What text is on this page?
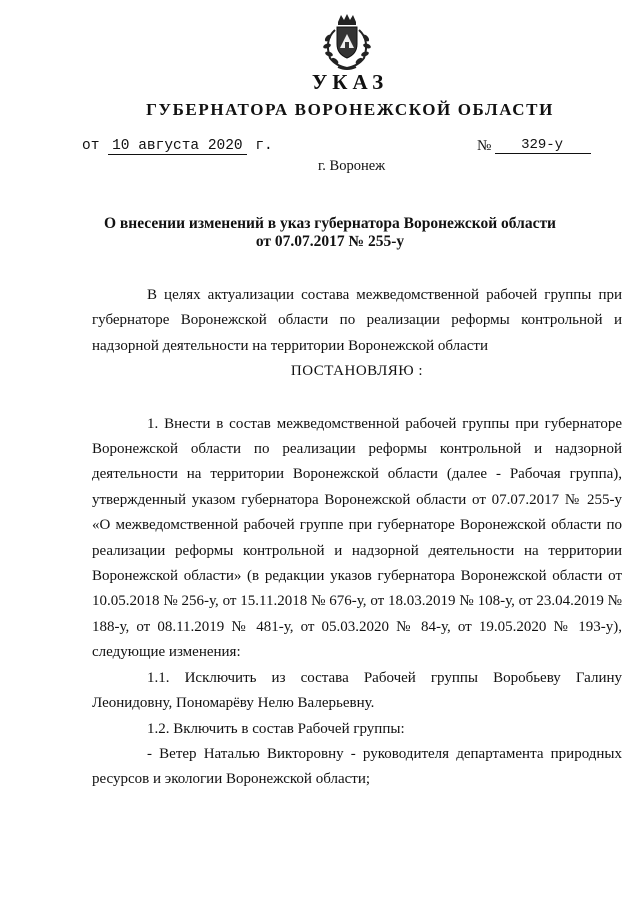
УКАЗ
ГУБЕРНАТОРА ВОРОНЕЖСКОЙ ОБЛАСТИ
от 10 августа 2020 г.	№ 329-у
г. Воронеж
О внесении изменений в указ губернатора Воронежской области
от 07.07.2017 № 255-у

В целях актуализации состава межведомственной рабочей группы при губернаторе Воронежской области по реализации реформы контрольной и надзорной деятельности на территории Воронежской области

ПОСТАНОВЛЯЮ :

1. Внести в состав межведомственной рабочей группы при губернаторе Воронежской области по реализации реформы контрольной и надзорной деятельности на территории Воронежской области (далее - Рабочая группа), утвержденный указом губернатора Воронежской области от 07.07.2017 № 255-у «О межведомственной рабочей группе при губернаторе Воронежской области по реализации реформы контрольной и надзорной деятельности на территории Воронежской области» (в редакции указов губернатора Воронежской области от 10.05.2018 № 256-у, от 15.11.2018 № 676-у, от 18.03.2019 № 108-у, от 23.04.2019 № 188-у, от 08.11.2019 № 481-у, от 05.03.2020 № 84-у, от 19.05.2020 № 193-у), следующие изменения:

1.1. Исключить из состава Рабочей группы Воробьеву Галину Леонидовну, Пономарёву Нелю Валерьевну.

1.2. Включить в состав Рабочей группы:

- Ветер Наталью Викторовну - руководителя департамента природных ресурсов и экологии Воронежской области;
